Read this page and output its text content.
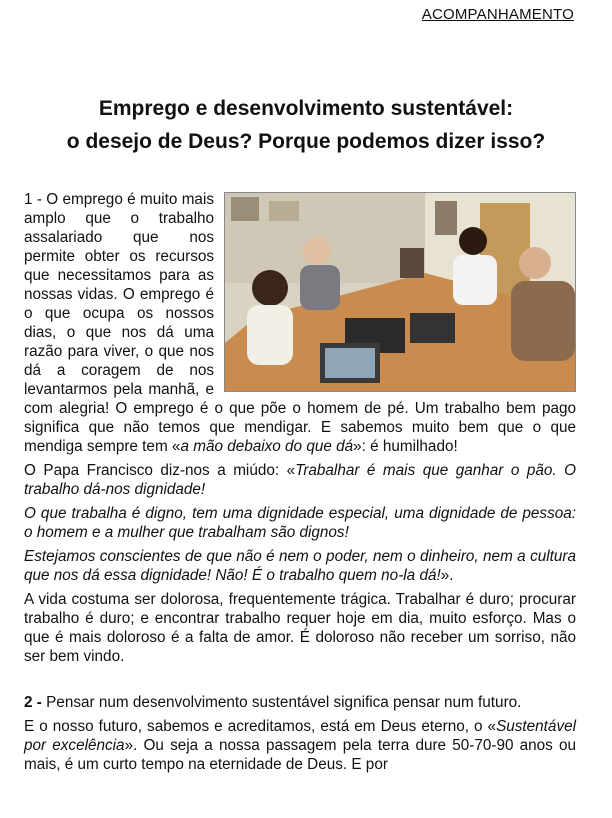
ACOMPANHAMENTO
Emprego e desenvolvimento sustentável:
o desejo de Deus? Porque podemos dizer isso?

1 - O emprego é muito mais amplo que o trabalho assalariado que nos permite obter os recursos que necessitamos para as nossas vidas. O emprego é o que ocupa os nossos dias, o que nos dá uma razão para viver, o que nos dá a coragem de nos levantarmos pela manhã, e com alegria! O emprego é o que põe o homem de pé. Um trabalho bem pago significa que não temos que mendigar. E sabemos muito bem que o que mendiga sempre tem «a mão debaixo do que dá»: é humilhado!

O Papa Francisco diz-nos a miúdo: «Trabalhar é mais que ganhar o pão. O trabalho dá-nos dignidade!

O que trabalha é digno, tem uma dignidade especial, uma dignidade de pessoa: o homem e a mulher que trabalham são dignos!

Estejamos conscientes de que não é nem o poder, nem o dinheiro, nem a cultura que nos dá essa dignidade! Não! É o trabalho quem no-la dá!».

A vida costuma ser dolorosa, frequentemente trágica. Trabalhar é duro; procurar trabalho é duro; e encontrar trabalho requer hoje em dia, muito esforço. Mas o que é mais doloroso é a falta de amor. É doloroso não receber um sorriso, não ser bem vindo.

2 - Pensar num desenvolvimento sustentável significa pensar num futuro.

E o nosso futuro, sabemos e acreditamos, está em Deus eterno, o «Sustentável por excelência». Ou seja a nossa passagem pela terra dure 50-70-90 anos ou mais, é um curto tempo na eternidade de Deus. E por
